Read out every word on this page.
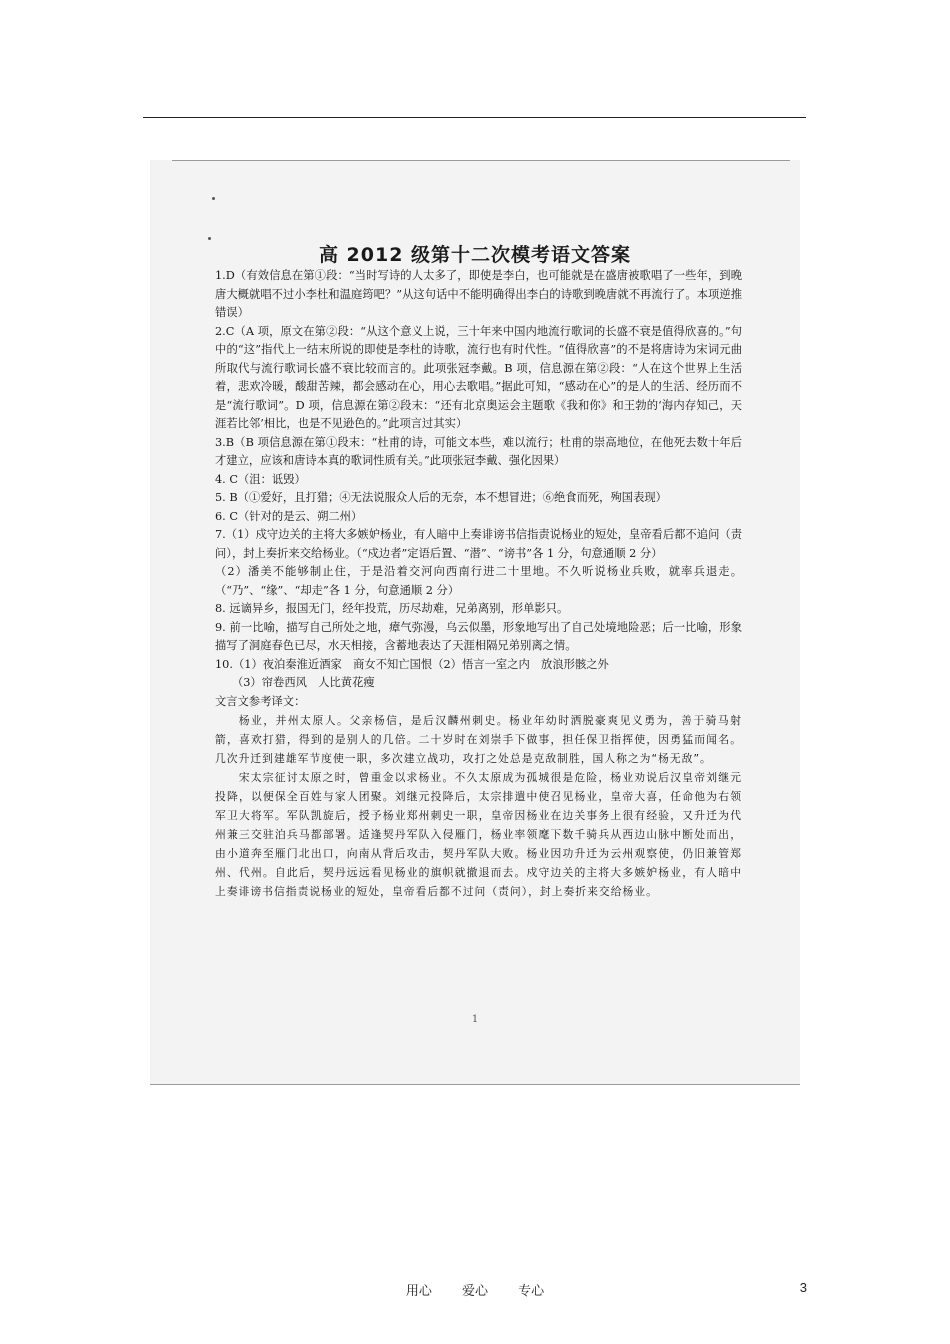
高 2012 级第十二次模考语文答案

1.D（有效信息在第①段：“当时写诗的人太多了，即使是李白，也可能就是在盛唐被歌唱了一些年，到晚唐大概就唱不过小李杜和温庭筠吧？”从这句话中不能明确得出李白的诗歌到晚唐就不再流行了。本项逆推错误）

2.C（A 项，原文在第②段：“从这个意义上说，三十年来中国内地流行歌词的长盛不衰是值得欣喜的。”句中的“这”指代上一结末所说的即使是李杜的诗歌，流行也有时代性。“值得欣喜”的不是将唐诗为宋词元曲所取代与流行歌词长盛不衰比较而言的。此项张冠李戴。B 项，信息源在第②段：“人在这个世界上生活着，悲欢冷暖，酸甜苦辣，都会感动在心，用心去歌唱。”据此可知，“感动在心”的是人的生活、经历而不是“流行歌词”。D 项，信息源在第②段末：“还有北京奥运会主题歌《我和你》和王勃的‘海内存知己，天涯若比邻’相比，也是不见逊色的。”此项言过其实）

3.B（B 项信息源在第①段末：“杜甫的诗，可能文本些，难以流行；杜甫的崇高地位，在他死去数十年后才建立，应该和唐诗本真的歌词性质有关。”此项张冠李戴、强化因果）

4. C（沮：诋毁）

5. B（①爱好，且打猎；④无法说服众人后的无奈，本不想冒进；⑥绝食而死，殉国表现）

6. C（针对的是云、朔二州）

7.（1）戍守边关的主将大多嫉妒杨业，有人暗中上奏诽谤书信指责说杨业的短处，皇帝看后都不追问（责问），封上奏折来交给杨业。（“戍边者”定语后置、“潜”、“谤书”各 1 分，句意通顺 2 分）

（2）潘美不能够制止住，于是沿着交河向西南行进二十里地。不久听说杨业兵败，就率兵退走。（“乃”、“缘”、“却走”各 1 分，句意通顺 2 分）

8. 远谪异乡，报国无门，经年投荒，历尽劫难，兄弟离别，形单影只。

9. 前一比喻，描写自己所处之地，瘴气弥漫，乌云似墨，形象地写出了自己处境地险恶；后一比喻，形象描写了洞庭春色已尽，水天相接，含蓄地表达了天涯相隔兄弟别离之情。

10.（1）夜泊秦淮近酒家　商女不知亡国恨（2）悟言一室之内　放浪形骸之外

（3）帘卷西风　人比黄花瘦

文言文参考译文：

杨业，并州太原人。父亲杨信，是后汉麟州刺史。杨业年幼时洒脱豪爽见义勇为，善于骑马射箭，喜欢打猎，得到的是别人的几倍。二十岁时在刘崇手下做事，担任保卫指挥使，因勇猛而闻名。几次升迁到建雄军节度使一职，多次建立战功，攻打之处总是克敌制胜，国人称之为“杨无敌”。

宋太宗征讨太原之时，曾重金以求杨业。不久太原成为孤城很是危险，杨业劝说后汉皇帝刘继元投降，以便保全百姓与家人团聚。刘继元投降后，太宗排遣中使召见杨业，皇帝大喜，任命他为右领军卫大将军。军队凯旋后，授予杨业郑州刺史一职，皇帝因杨业在边关事务上很有经验，又升迁为代州兼三交驻泊兵马都部署。适逢契丹军队入侵雁门，杨业率领麾下数千骑兵从西边山脉中断处而出，由小道奔至雁门北出口，向南从背后攻击，契丹军队大败。杨业因功升迁为云州观察使，仍旧兼管郑州、代州。自此后，契丹远远看见杨业的旗帜就撤退而去。戍守边关的主将大多嫉妒杨业，有人暗中上奏诽谤书信指责说杨业的短处，皇帝看后都不过问（责问），封上奏折来交给杨业。

1
用心 爱心 专心	3
